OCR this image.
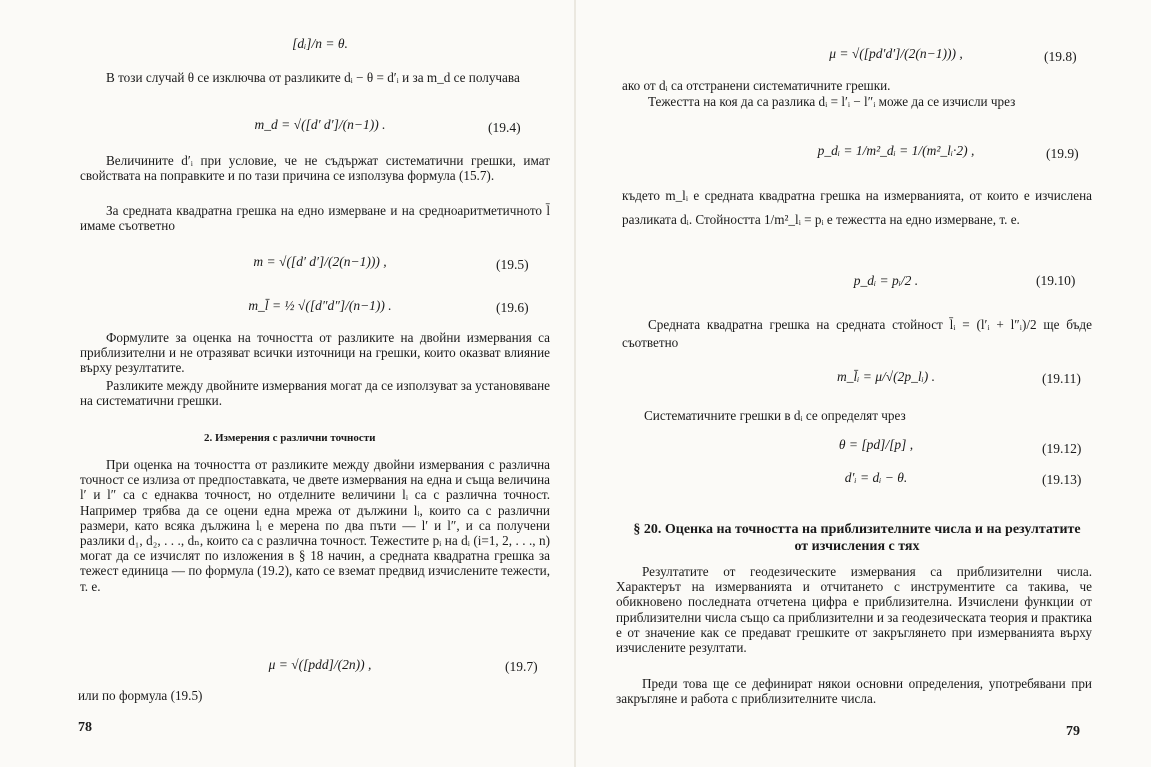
[dᵢ]/n = θ.
В този случай θ се изключва от разликите dᵢ − θ = d′ᵢ и за m_d се получава
m_d = √([d′ d′]/(n−1)) .	(19.4)
Величините d′ᵢ при условие, че не съдържат систематични грешки, имат свойствата на поправките и по тази причина се използува формула (15.7).
За средната квадратна грешка на едно измерване и на средноаритметичното l̄ имаме съответно
m = √([d′ d′]/(2(n−1))) ,	(19.5)
m_l̄ = ½ √([d″d″]/(n−1)) .	(19.6)
Формулите за оценка на точността от разликите на двойни измервания са приблизителни и не отразяват всички източници на грешки, които оказват влияние върху резултатите.
Разликите между двойните измервания могат да се използуват за установяване на систематични грешки.
2. Измерения с различни точности
При оценка на точността от разликите между двойни измервания с различна точност се излиза от предпоставката, че двете измервания на една и съща величина l′ и l″ са с еднаква точност, но отделните величини lᵢ са с различна точност. Например трябва да се оцени една мрежа от дължини lᵢ, които са с различни размери, като всяка дължина lᵢ е мерена по два пъти — l′ и l″, и са получени разлики d₁, d₂, . . ., dₙ, които са с различна точност. Тежестите pᵢ на dᵢ (i=1, 2, . . ., n) могат да се изчислят по изложения в § 18 начин, а средната квадратна грешка за тежест единица — по формула (19.2), като се вземат предвид изчислените тежести, т. е.
μ = √([pdd]/(2n)) ,	(19.7)
или по формула (19.5)
78
μ = √([pd′d′]/(2(n−1))) ,	(19.8)
ако от dᵢ са отстранени систематичните грешки.
Тежестта на коя да са разлика dᵢ = l′ᵢ − l″ᵢ може да се изчисли чрез
p_dᵢ = 1/m²_dᵢ = 1/(m²_lᵢ·2) ,	(19.9)
където m_lᵢ е средната квадратна грешка на измерванията, от които е изчислена разликата dᵢ. Стойността 1/m²_lᵢ = pᵢ е тежестта на едно измерване, т. е.
p_dᵢ = pᵢ/2 .	(19.10)
Средната квадратна грешка на средната стойност l̄ᵢ = (l′ᵢ + l″ᵢ)/2 ще бъде съответно
m_l̄ᵢ = μ/√(2p_lᵢ) .	(19.11)
Систематичните грешки в dᵢ се определят чрез
θ = [pd]/[p] ,	(19.12)
d′ᵢ = dᵢ − θ.	(19.13)
§ 20. Оценка на точността на приблизителните числа и на резултатите от изчисления с тях
Резултатите от геодезическите измервания са приблизителни числа. Характерът на измерванията и отчитането с инструментите са такива, че обикновено последната отчетена цифра е приблизителна. Изчислени функции от приблизителни числа също са приблизителни и за геодезическата теория и практика е от значение как се предават грешките от закръглянето при измерванията върху изчислените резултати.
Преди това ще се дефинират някои основни определения, употребявани при закръгляне и работа с приблизителните числа.
79
